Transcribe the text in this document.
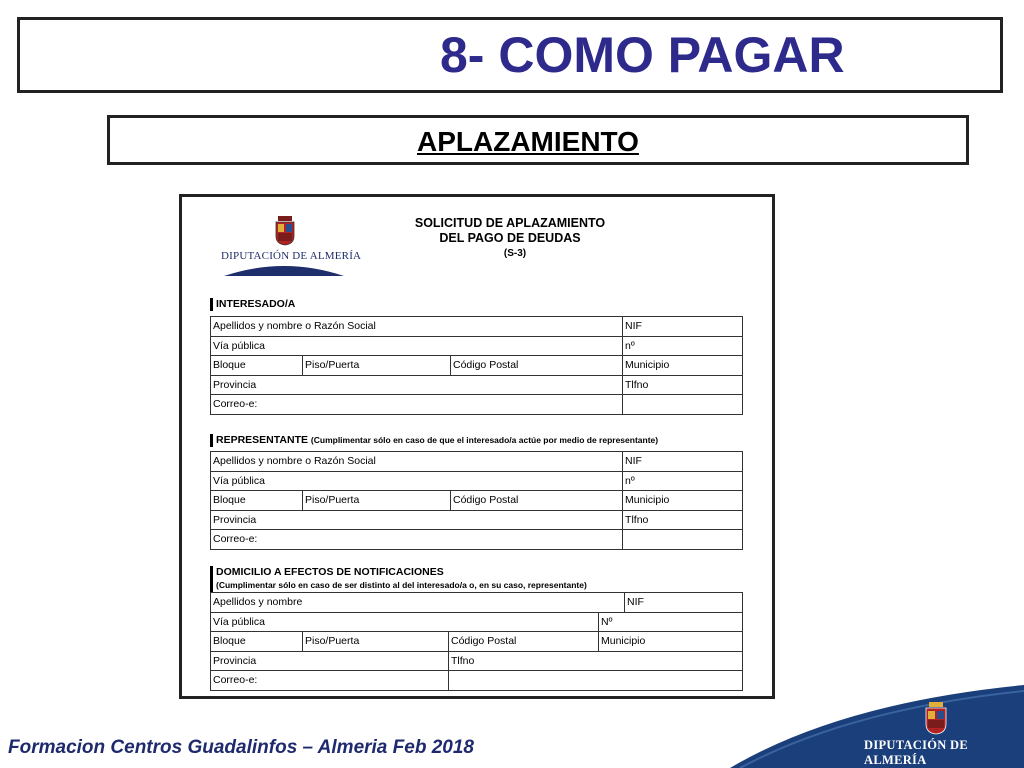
8- COMO PAGAR
APLAZAMIENTO
DIPUTACIÓN DE ALMERÍA
SOLICITUD DE APLAZAMIENTO
DEL PAGO DE DEUDAS
(S-3)
INTERESADO/A
Apellidos y nombre o Razón Social			NIF
Vía pública			nº
Bloque	Piso/Puerta	Código Postal	Municipio
Provincia			Tlfno
Correo-e:			
REPRESENTANTE (Cumplimentar sólo en caso de que el interesado/a actúe por medio de representante)
Apellidos y nombre o Razón Social			NIF
Vía pública			nº
Bloque	Piso/Puerta	Código Postal	Municipio
Provincia			Tlfno
Correo-e:			
DOMICILIO A EFECTOS DE NOTIFICACIONES
(Cumplimentar sólo en caso de ser distinto al del interesado/a o, en su caso, representante)
Apellidos y nombre				NIF
Vía pública			Nº	
Bloque	Piso/Puerta	Código Postal	Municipio	
Provincia		Tlfno		
Correo-e:				
Formacion Centros Guadalinfos – Almeria Feb 2018	DIPUTACIÓN DE ALMERÍA
